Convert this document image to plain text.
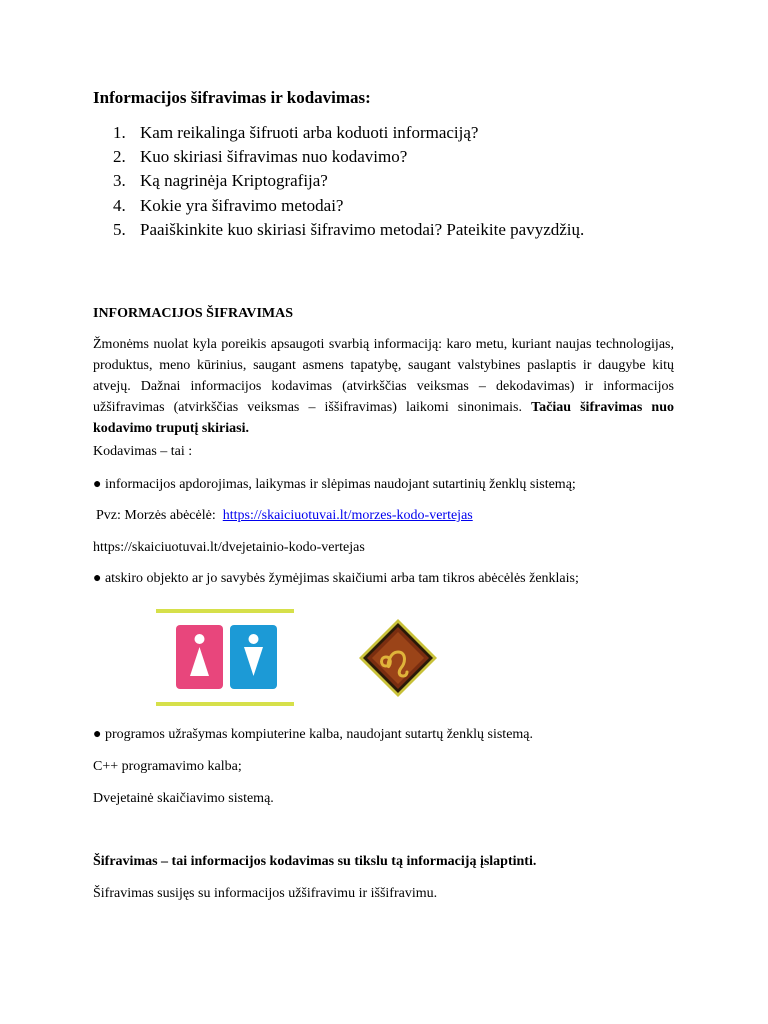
Informacijos šifravimas ir kodavimas:
1. Kam reikalinga šifruoti arba koduoti informaciją?
2. Kuo skiriasi šifravimas nuo kodavimo?
3. Ką nagrinėja Kriptografija?
4. Kokie yra šifravimo metodai?
5. Paaiškinkite kuo skiriasi šifravimo metodai? Pateikite pavyzdžių.
INFORMACIJOS ŠIFRAVIMAS

Žmonėms nuolat kyla poreikis apsaugoti svarbią informaciją: karo metu, kuriant naujas technologijas, produktus, meno kūrinius, saugant asmens tapatybę, saugant valstybines paslaptis ir daugybe kitų atvejų. Dažnai informacijos kodavimas (atvirkščias veiksmas – dekodavimas) ir informacijos užšifravimas (atvirkščias veiksmas – iššifravimas) laikomi sinonimais. Tačiau šifravimas nuo kodavimo truputį skiriasi.

Kodavimas – tai :
● informacijos apdorojimas, laikymas ir slėpimas naudojant sutartinių ženklų sistemą;
Pvz: Morzės abėcėlė: https://skaiciuotuvai.lt/morzes-kodo-vertejas
https://skaiciuotuvai.lt/dvejetainio-kodo-vertejas
● atskiro objekto ar jo savybės žymėjimas skaičiumi arba tam tikros abėcėlės ženklais;
● programos užrašymas kompiuterine kalba, naudojant sutartų ženklų sistemą.
C++ programavimo kalba;
Dvejetainė skaičiavimo sistemą.
Šifravimas – tai informacijos kodavimas su tikslu tą informaciją įslaptinti.
Šifravimas susijęs su informacijos užšifravimu ir iššifravimu.
